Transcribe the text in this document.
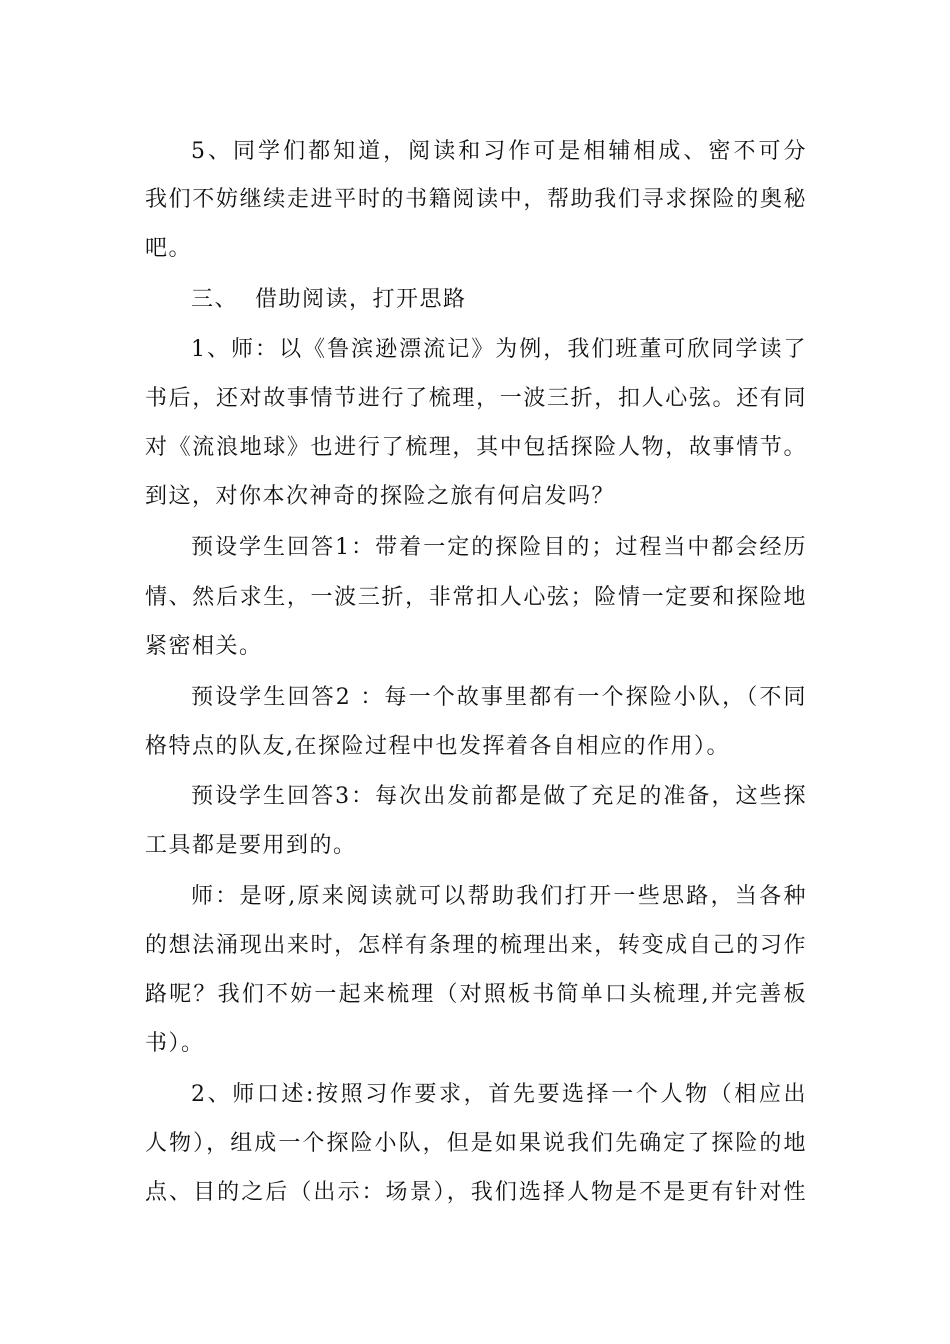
5、同学们都知道，阅读和习作可是相辅相成、密不可分
我们不妨继续走进平时的书籍阅读中，帮助我们寻求探险的奥秘
吧。
三、  借助阅读，打开思路
1、师：以《鲁滨逊漂流记》为例，我们班董可欣同学读了
书后，还对故事情节进行了梳理，一波三折，扣人心弦。还有同
对《流浪地球》也进行了梳理，其中包括探险人物，故事情节。
到这，对你本次神奇的探险之旅有何启发吗？
预设学生回答1：带着一定的探险目的；过程当中都会经历
情、然后求生，一波三折，非常扣人心弦；险情一定要和探险地
紧密相关。
预设学生回答2 ：每一个故事里都有一个探险小队，（不同
格特点的队友,在探险过程中也发挥着各自相应的作用）。
预设学生回答3：每次出发前都是做了充足的准备，这些探
工具都是要用到的。
师：是呀,原来阅读就可以帮助我们打开一些思路，当各种
的想法涌现出来时，怎样有条理的梳理出来，转变成自己的习作
路呢？我们不妨一起来梳理（对照板书简单口头梳理,并完善板
书）。
2、师口述:按照习作要求，首先要选择一个人物（相应出
人物），组成一个探险小队，但是如果说我们先确定了探险的地
点、目的之后（出示：场景），我们选择人物是不是更有针对性
